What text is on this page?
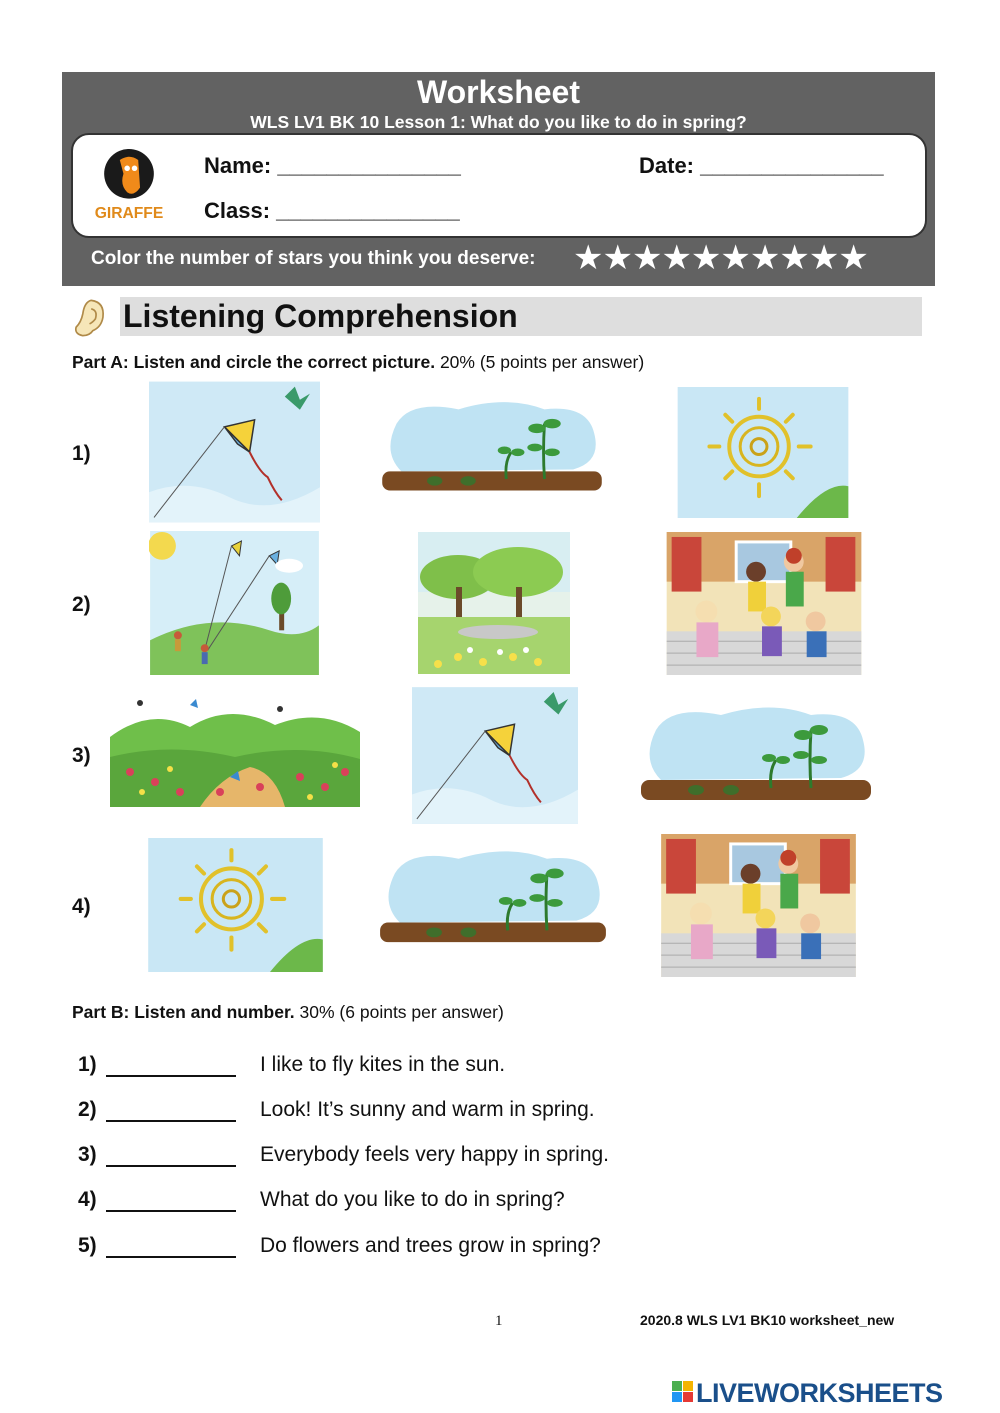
Worksheet
WLS LV1 BK 10 Lesson 1: What do you like to do in spring?
Name: _______________	Date: _______________
Class: _______________
Color the number of stars you think you deserve: ★★★★★★★★★★
Listening Comprehension
Part A: Listen and circle the correct picture. 20% (5 points per answer)
1)
2)
3)
4)
Part B: Listen and number. 30% (6 points per answer)
1)	I like to fly kites in the sun.
2)	Look! It’s sunny and warm in spring.
3)	Everybody feels very happy in spring.
4)	What do you like to do in spring?
5)	Do flowers and trees grow in spring?
1	2020.8 WLS LV1 BK10 worksheet_new
LIVEWORKSHEETS
